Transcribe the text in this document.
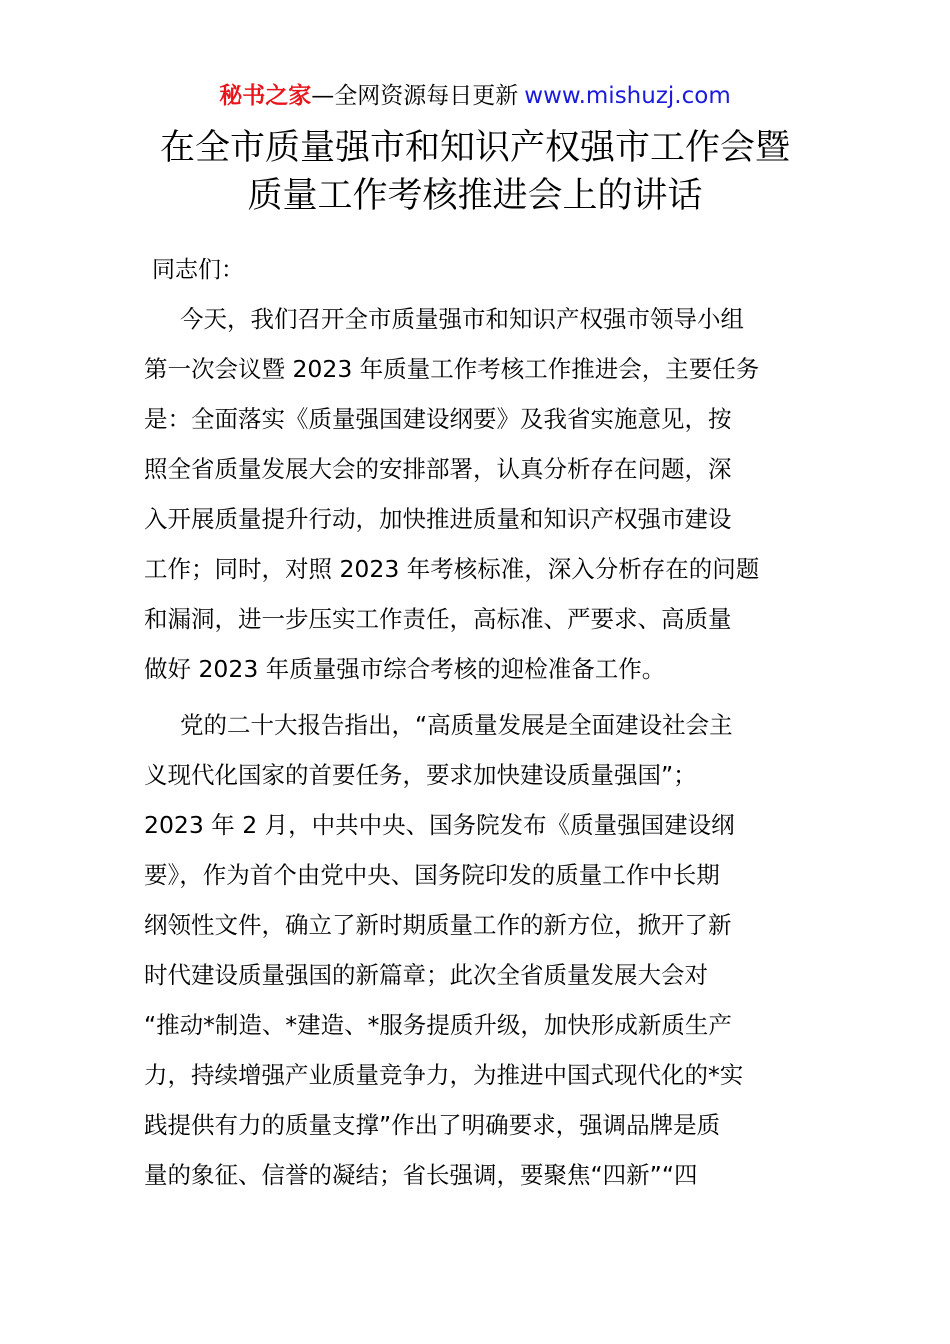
秘书之家—全网资源每日更新 www.mishuzj.com
在全市质量强市和知识产权强市工作会暨
质量工作考核推进会上的讲话
同志们：

今天，我们召开全市质量强市和知识产权强市领导小组
第一次会议暨 2023 年质量工作考核工作推进会，主要任务
是：全面落实《质量强国建设纲要》及我省实施意见，按
照全省质量发展大会的安排部署，认真分析存在问题，深
入开展质量提升行动，加快推进质量和知识产权强市建设
工作；同时，对照 2023 年考核标准，深入分析存在的问题
和漏洞，进一步压实工作责任，高标准、严要求、高质量
做好 2023 年质量强市综合考核的迎检准备工作。

党的二十大报告指出，“高质量发展是全面建设社会主
义现代化国家的首要任务，要求加快建设质量强国”；
2023 年 2 月，中共中央、国务院发布《质量强国建设纲
要》，作为首个由党中央、国务院印发的质量工作中长期
纲领性文件，确立了新时期质量工作的新方位，掀开了新
时代建设质量强国的新篇章；此次全省质量发展大会对
“推动*制造、*建造、*服务提质升级，加快形成新质生产
力，持续增强产业质量竞争力，为推进中国式现代化的*实
践提供有力的质量支撑”作出了明确要求，强调品牌是质
量的象征、信誉的凝结；省长强调，要聚焦“四新”“四
